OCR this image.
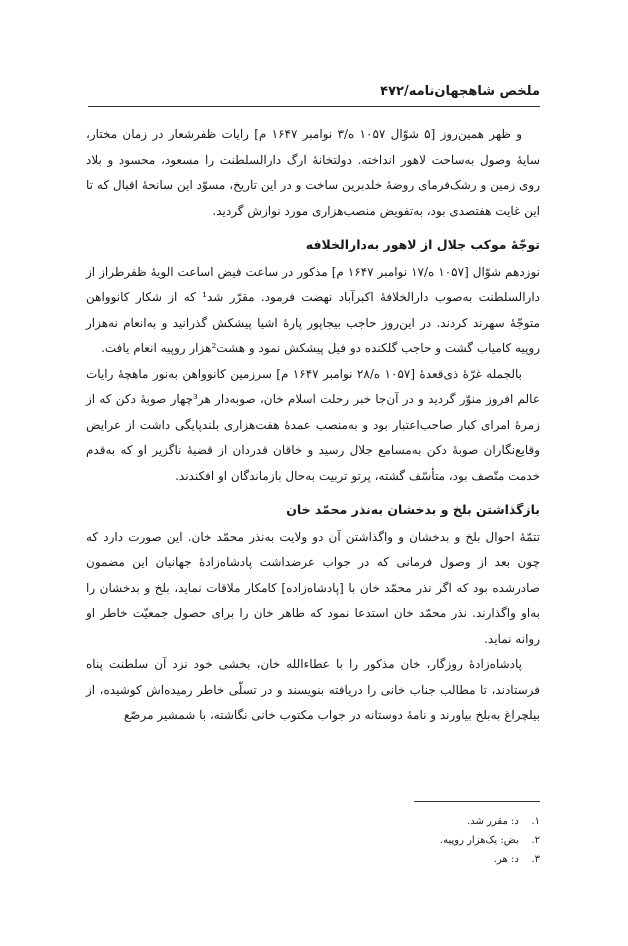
ملخص شاهجهان‌نامه/۴۷۲

و ظهر همین‌روز [۵ شوّال ۱۰۵۷ ه/۳ نوامبر ۱۶۴۷ م] رایات ظفرشعار در زمان مختار، سایهٔ وصول به‌ساحت لاهور انداخته. دولتخانهٔ ارگ دارالسلطنت را مسعود، محسود و بلاد روی زمین و رشک‌فرمای روضهٔ خلدبرین ساخت و در این تاریخ، مسوّد این سانحهٔ اقبال که تا این غایت هفتصدی بود، به‌تفویض منصب‌هزاری مورد نوازش گردید.

توجّهٔ موکب جلال از لاهور به‌دارالخلافه

نوزدهم شوّال [۱۰۵۷ ه/۱۷ نوامبر ۱۶۴۷ م] مذکور در ساعت فیض اساعت الویهٔ ظفرطراز از دارالسلطنت به‌صوب دارالخلافهٔ اکبرآباد نهضت فرمود. مقرّر شد¹ که از شکار کانوواهن متوجّهٔ سهرند کردند. در این‌روز حاجب بیجاپور پارهٔ اشیا پیشکش گذرانید و به‌انعام نه‌هزار روپیه کامیاب گشت و حاجب گلکنده دو فیل پیشکش نمود و هشت²هزار روپیه انعام یافت.

بالجمله غرّهٔ ذی‌قعدهٔ [۱۰۵۷ ه/۲۸ نوامبر ۱۶۴۷ م] سرزمین کانوواهن به‌نور ماهچهٔ رایات عالم افروز منوّر گردید و در آن‌جا خبر رحلت اسلام خان، صوبه‌دار هر³چهار صوبهٔ دکن که از زمرهٔ امرای کبار صاحب‌اعتبار بود و به‌منصب عمدهٔ هفت‌هزاری بلندپایگی داشت از عرایض وقایع‌نگاران صوبهٔ دکن به‌مسامع جلال رسید و خاقان قدردان از قضیهٔ ناگزیر او که به‌قدم خدمت متّصف بود، متأسّف گشته، پرتو تربیت به‌حال بازماندگان او افکندند.

بازگذاشتن بلخ و بدخشان به‌نذر محمّد خان

تتمّهٔ احوال بلخ و بدخشان و واگذاشتن آن دو ولایت به‌نذر محمّد خان. این صورت دارد که چون بعد از وصول فرمانی که در جواب عرضداشت پادشاه‌زادهٔ جهانیان این مضمون صادرشده بود که اگر نذر محمّد خان با [پادشاه‌زاده] کامکار ملاقات نماید، بلخ و بدخشان را به‌او واگذارند. نذر محمّد خان استدعا نمود که طاهر خان را برای حصول جمعیّت خاطر او روانه نماید.

پادشاه‌زادهٔ روزگار، خان مذکور را با عطاءالله خان، بخشی خود نزد آن سلطنت پناه فرستادند، تا مطالب جناب خانی را دریافته بنویسند و در تسلّی خاطر رمیده‌اش کوشیده، از بیلچراغ به‌بلخ بیاورند و نامهٔ دوستانه در جواب مکتوب خانی نگاشته، با شمشیر مرصّع

۱. د: مقرر شد.
۲. بض: یک‌هزار روپیه.
۳. د: هر.
